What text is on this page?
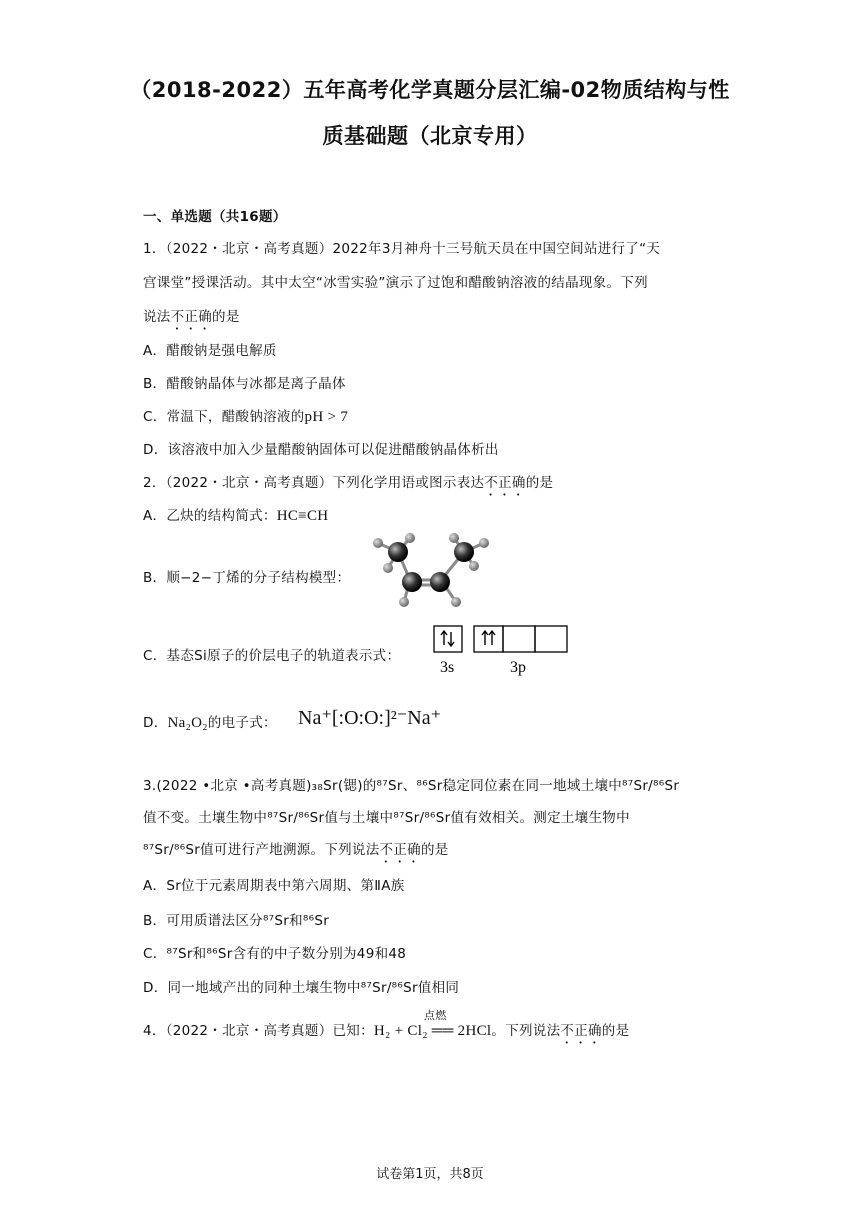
（2018-2022）五年高考化学真题分层汇编-02物质结构与性
质基础题（北京专用）
一、单选题（共16题）
1．（2022・北京・高考真题）2022年3月神舟十三号航天员在中国空间站进行了“天
宫课堂”授课活动。其中太空“冰雪实验”演示了过饱和醋酸钠溶液的结晶现象。下列
说法不正确的是
A．醋酸钠是强电解质
B．醋酸钠晶体与冰都是离子晶体
C．常温下，醋酸钠溶液的pH > 7
D．该溶液中加入少量醋酸钠固体可以促进醋酸钠晶体析出
2．（2022・北京・高考真题）下列化学用语或图示表达不正确的是
A．乙炔的结构简式：HC≡CH
B．顺−2−丁烯的分子结构模型：
C．基态Si原子的价层电子的轨道表示式：
3s	3p
D．Na₂O₂的电子式： Na⁺[:O:O:]²⁻Na⁺
3.(2022 •北京 •高考真题)₃₈Sr(锶)的⁸⁷Sr、⁸⁶Sr稳定同位素在同一地域土壤中⁸⁷Sr/⁸⁶Sr
值不变。土壤生物中⁸⁷Sr/⁸⁶Sr值与土壤中⁸⁷Sr/⁸⁶Sr值有效相关。测定土壤生物中
⁸⁷Sr/⁸⁶Sr值可进行产地溯源。下列说法不正确的是
A．Sr位于元素周期表中第六周期、第ⅡA族
B．可用质谱法区分⁸⁷Sr和⁸⁶Sr
C．⁸⁷Sr和⁸⁶Sr含有的中子数分别为49和48
D．同一地域产出的同种土壤生物中⁸⁷Sr/⁸⁶Sr值相同
4．（2022・北京・高考真题）已知：
点燃
H₂ + Cl₂ ══ 2HCl。下列说法不正确的是
试卷第1页，共8页
